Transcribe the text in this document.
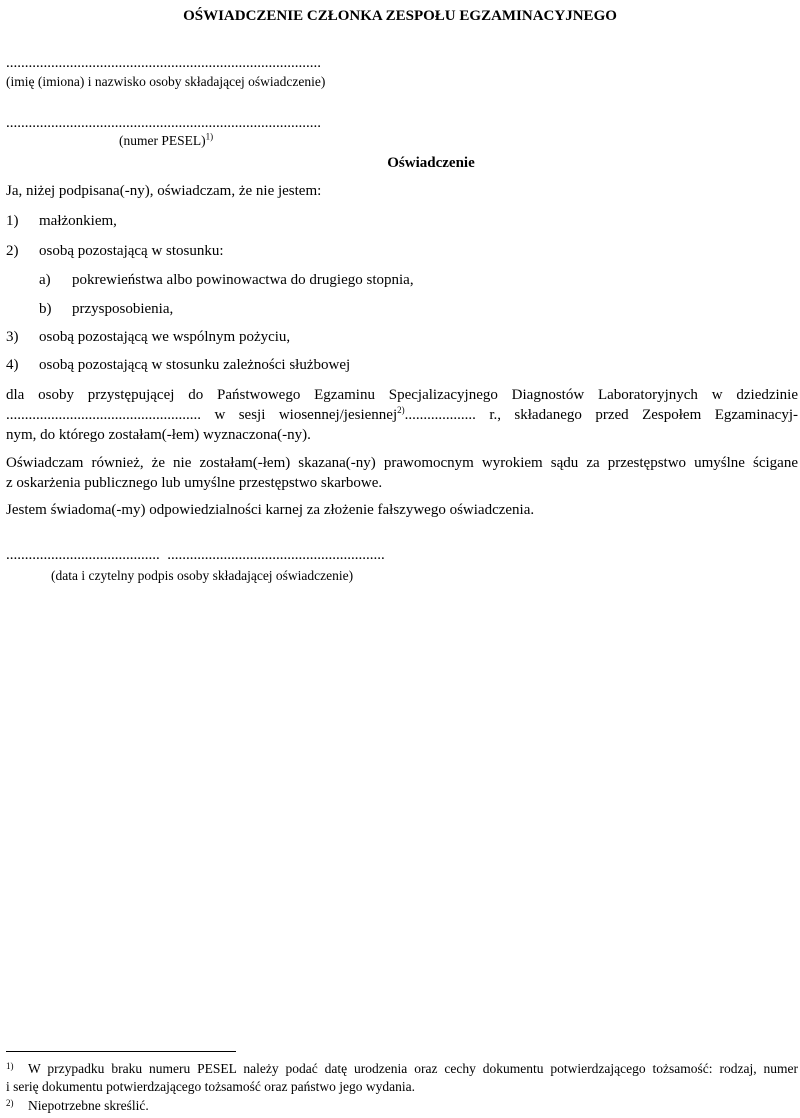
OŚWIADCZENIE CZŁONKA ZESPOŁU EGZAMINACYJNEGO
....................................................................................
(imię (imiona) i nazwisko osoby składającej oświadczenie)
....................................................................................
(numer PESEL)$^{1)}$
Oświadczenie
Ja, niżej podpisana(-ny), oświadczam, że nie jestem:
1) małżonkiem,
2) osobą pozostającą w stosunku:
a) pokrewieństwa albo powinowactwa do drugiego stopnia,
b) przysposobienia,
3) osobą pozostającą we wspólnym pożyciu,
4) osobą pozostającą w stosunku zależności służbowej
dla osoby przystępującej do Państwowego Egzaminu Specjalizacyjnego Diagnostów Laboratoryjnych w dziedzinie
.................................................... w sesji wiosennej/jesiennej$^{2)}$................... r., składanego przed Zespołem Egzaminacyj-
nym, do którego zostałam(-łem) wyznaczona(-ny).
Oświadczam również, że nie zostałam(-łem) skazana(-ny) prawomocnym wyrokiem sądu za przestępstwo umyślne ścigane
z oskarżenia publicznego lub umyślne przestępstwo skarbowe.
Jestem świadoma(-my) odpowiedzialności karnej za złożenie fałszywego oświadczenia.
......................................... ..........................................................
(data i czytelny podpis osoby składającej oświadczenie)
1)	W przypadku braku numeru PESEL należy podać datę urodzenia oraz cechy dokumentu potwierdzającego tożsamość: rodzaj, numer
i serię dokumentu potwierdzającego tożsamość oraz państwo jego wydania.
2)	Niepotrzebne skreślić.
